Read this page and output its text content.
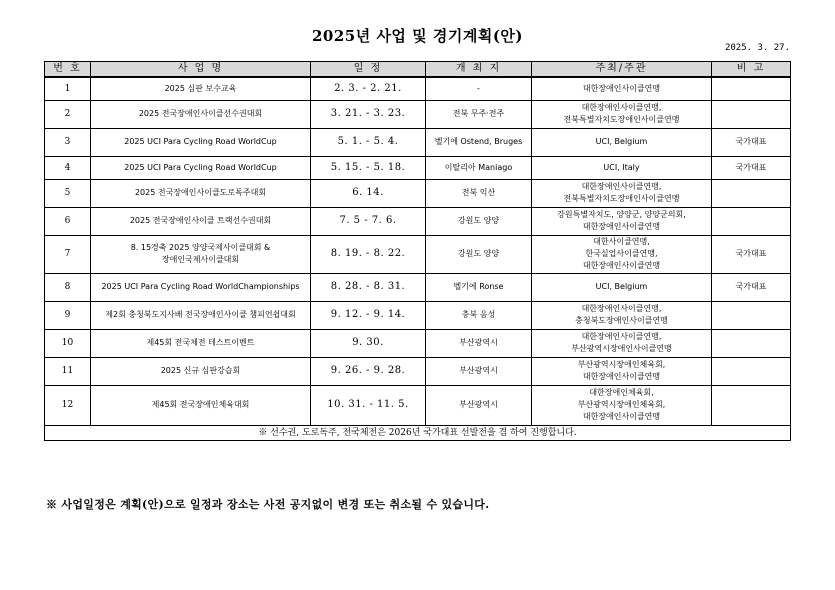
2025년 사업 및 경기계획(안)
2025. 3. 27.
번 호	사 업 명	일 정	개 최 지	주최/주관	비 고
1	2025 심판 보수교육	2. 3. - 2. 21.	-	대한장애인사이클연맹	

2	2025 전국장애인사이클선수권대회	3. 21. - 3. 23.	전북 무주·전주	대한장애인사이클연맹,
전북특별자치도장애인사이클연맹	

3	2025 UCI Para Cycling Road WorldCup	5. 1. - 5. 4.	벨기에 Ostend, Bruges	UCI, Belgium	국가대표
4	2025 UCI Para Cycling Road WorldCup	5. 15. - 5. 18.	이탈리아 Maniago	UCI, Italy	국가대표
5	2025 전국장애인사이클도로독주대회	6. 14.	전북 익산	대한장애인사이클연맹,
전북특별자치도장애인사이클연맹	

6	2025 전국장애인사이클 트랙선수권대회	7. 5 - 7. 6.	강원도 양양	강원특별자치도, 양양군, 양양군의회,
대한장애인사이클연맹	

7	8. 15경축 2025 양양국제사이클대회 & 장애인국제사이클대회	8. 19. - 8. 22.	강원도 양양	대한사이클연맹,
한국실업사이클연맹,
대한장애인사이클연맹	국가대표
8	2025 UCI Para Cycling Road WorldChampionships	8. 28. - 8. 31.	벨기에 Ronse	UCI, Belgium	국가대표
9	제2회 충청북도지사배 전국장애인사이클 챔피언쉽대회	9. 12. - 9. 14.	충북 음성	대한장애인사이클연맹,
충청북도장애인사이클연맹	

10	제45회 전국체전 테스트이벤트	9. 30.	부산광역시	대한장애인사이클연맹,
부산광역시장애인사이클연맹	

11	2025 신규 심판강습회	9. 26. - 9. 28.	부산광역시	부산광역시장애인체육회,
대한장애인사이클연맹	

12	제45회 전국장애인체육대회	10. 31. - 11. 5.	부산광역시	대한장애인체육회,
부산광역시장애인체육회,
대한장애인사이클연맹	

※ 선수권, 도로독주, 전국체전은 2026년 국가대표 선발전을 겸 하여 진행합니다.					
※ 사업일정은 계획(안)으로 일정과 장소는 사전 공지없이 변경 또는 취소될 수 있습니다.
